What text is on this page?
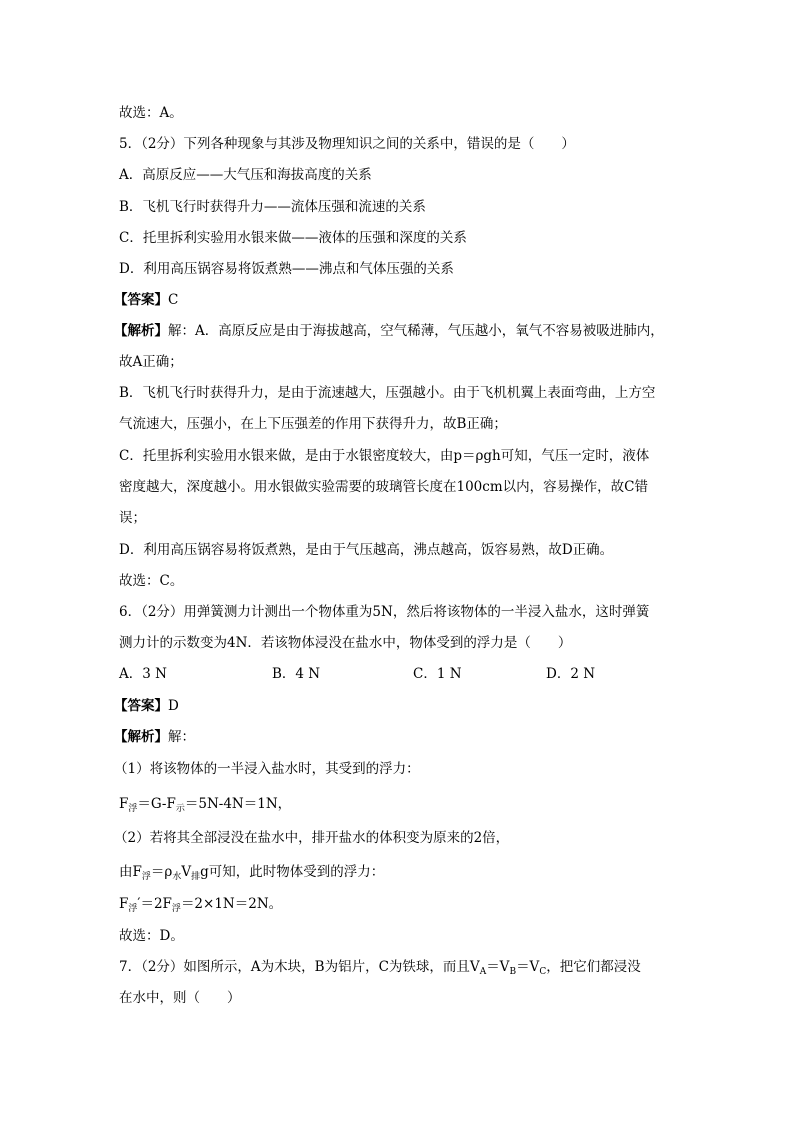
故选：A。
5．（2分）下列各种现象与其涉及物理知识之间的关系中，错误的是（　　）
A．高原反应——大气压和海拔高度的关系
B．飞机飞行时获得升力——流体压强和流速的关系
C．托里拆利实验用水银来做——液体的压强和深度的关系
D．利用高压锅容易将饭煮熟——沸点和气体压强的关系
【答案】C
【解析】解：A．高原反应是由于海拔越高，空气稀薄，气压越小，氧气不容易被吸进肺内，
故A正确；
B．飞机飞行时获得升力，是由于流速越大，压强越小。由于飞机机翼上表面弯曲，上方空
气流速大，压强小，在上下压强差的作用下获得升力，故B正确；
C．托里拆利实验用水银来做，是由于水银密度较大，由p＝ρgh可知，气压一定时，液体
密度越大，深度越小。用水银做实验需要的玻璃管长度在100cm以内，容易操作，故C错
误；
D．利用高压锅容易将饭煮熟，是由于气压越高，沸点越高，饭容易熟，故D正确。
故选：C。
6．（2分）用弹簧测力计测出一个物体重为5N，然后将该物体的一半浸入盐水，这时弹簧
测力计的示数变为4N．若该物体浸没在盐水中，物体受到的浮力是（　　）
A．3 N	B．4 N	C．1 N	D．2 N
【答案】D
【解析】解：
（1）将该物体的一半浸入盐水时，其受到的浮力：
$F_浮=G-F_示=5N-4N=1N$，
（2）若将其全部浸没在盐水中，排开盐水的体积变为原来的2倍，
由$F_浮=\rho_水V_排g$可知，此时物体受到的浮力：
$F_浮'=2F_浮=2\times 1N=2N$。
故选：D。
7．（2分）如图所示，A为木块，B为铝片，C为铁球，而且$V_A=V_B=V_C$，把它们都浸没
在水中，则（　　）
